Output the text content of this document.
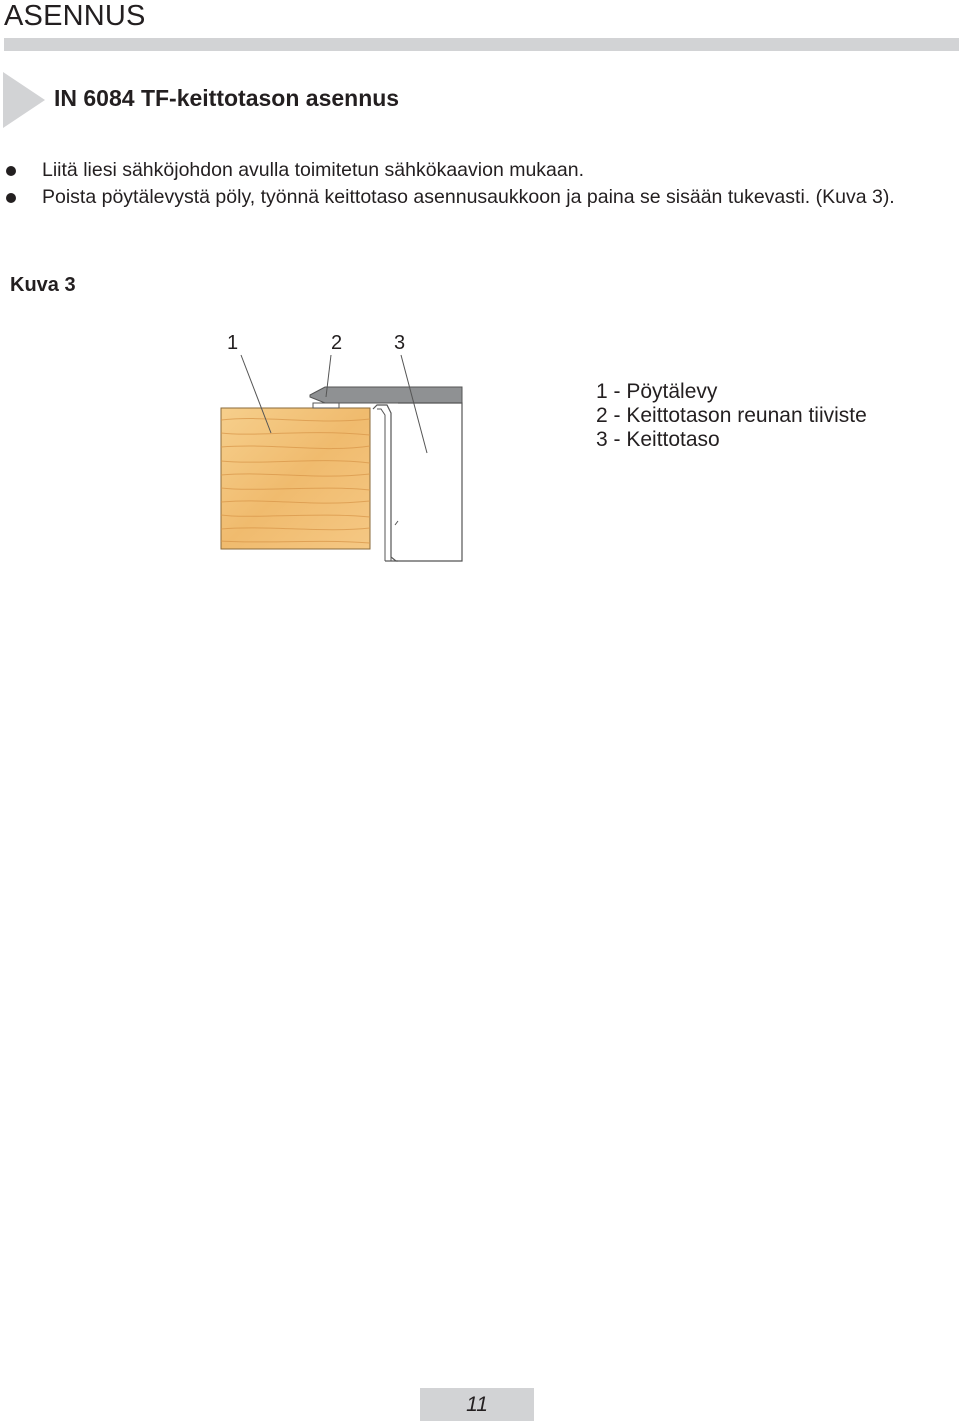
ASENNUS
IN 6084 TF-keittotason asennus
Liitä liesi sähköjohdon avulla toimitetun sähkökaavion mukaan.
Poista pöytälevystä pöly, työnnä keittotaso asennusaukkoon ja paina se sisään tukevasti. (Kuva 3).
Kuva 3
1	2	3
1 - Pöytälevy
2 - Keittotason reunan tiiviste
3 - Keittotaso
11
